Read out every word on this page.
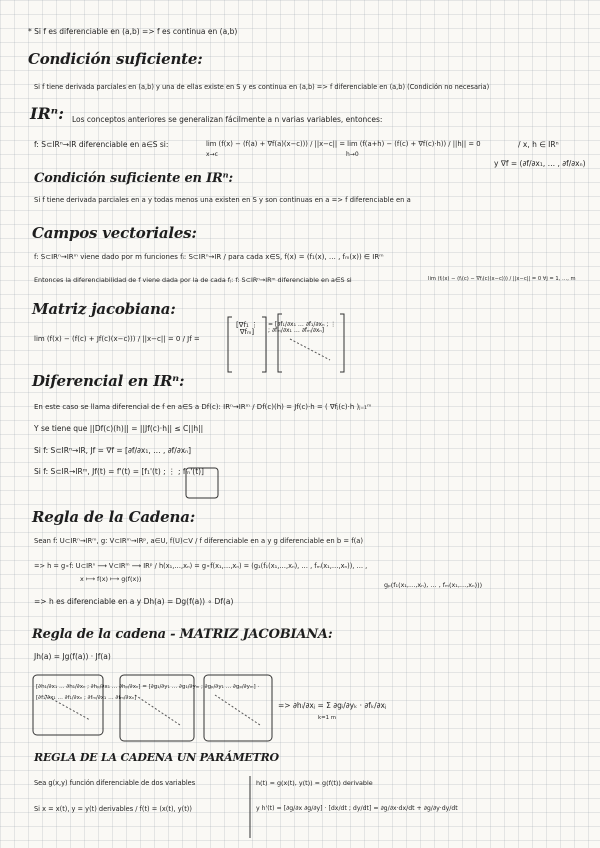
* Si f es diferenciable en (a,b) => f es continua en (a,b)
Condición suficiente:
Si f tiene derivada parciales en (a,b) y una de ellas existe en S y es continua en (a,b) => f diferenciable en (a,b) (Condición no necesaria)
IRⁿ: Los conceptos anteriores se generalizan fácilmente a n varias variables, entonces:
f: S⊂IRⁿ→IR diferenciable en a∈S si:	lim (f(x) − (f(a) + ∇f(a)(x−c))) / ||x−c|| = lim (f(a+h) − (f(c) + ∇f(c)·h)) / ||h|| = 0
x→c	h→0
/ x, h ∈ IRⁿ
y ∇f = (∂f/∂x₁, … , ∂f/∂xₙ)
Condición suficiente en IRⁿ:
Si f tiene derivada parciales en a y todas menos una existen en S y son continuas en a => f diferenciable en a
Campos vectoriales:
f: S⊂IRⁿ→IRᵐ viene dado por m funciones fᵢ: S⊂IRⁿ→IR / para cada x∈S, f(x) = (f₁(x), … , fₘ(x)) ∈ IRᵐ
Entonces la diferenciabilidad de f viene dada por la de cada fⱼ: f: S⊂IRⁿ→IRᵐ diferenciable en a∈S si	lim (fⱼ(x) − (fⱼ(c) − ∇fⱼ(c)(x−c))) / ||x−c|| = 0 ∀j = 1, …, m
Matriz jacobiana:
lim (f(x) − (f(c) + Jf(c)(x−c))) / ||x−c|| = 0 / Jf =
[∇f₁ ⋮ ∇fₘ]
= [∂f₁/∂x₁ … ∂f₁/∂xₙ ; ⋮ ; ∂fₘ/∂x₁ … ∂fₘ/∂xₙ]
Diferencial en IRⁿ:
En este caso se llama diferencial de f en a∈S a Df(c): IRⁿ→IRᵐ / Df(c)(h) = Jf(c)·h = ( ∇fⱼ(c)·h )ⱼ₌₁ᵐ
Y se tiene que ||Df(c)(h)|| = ||Jf(c)·h|| ≤ C||h||
Si f: S⊂IRⁿ→IR, Jf = ∇f = [∂f/∂x₁, … , ∂f/∂xₙ]
Si f: S⊂IR→IRᵐ, Jf(t) = f'(t) = [f₁'(t) ; ⋮ ; fₘ'(t)]
Regla de la Cadena:
Sean f: U⊂IRⁿ→IRᵐ, g: V⊂IRᵐ→IRᵖ, a∈U, f(U)⊂V / f diferenciable en a y g diferenciable en b = f(a)
=> h = g∘f: U⊂IRⁿ ⟶ V⊂IRᵐ ⟶ IRᵖ / h(x₁,…,xₙ) = g∘f(x₁,…,xₙ) = (g₁(f₁(x₁,…,xₙ), … , fₘ(x₁,…,xₙ)), … ,
x ⟼ f(x) ⟼ g(f(x))
gₚ(f₁(x₁,…,xₙ), … , fₘ(x₁,…,xₙ)))
=> h es diferenciable en a y Dh(a) = Dg(f(a)) ∘ Df(a)
Regla de la cadena - MATRIZ JACOBIANA:
Jh(a) = Jg(f(a)) · Jf(a)
[∂h₁/∂x₁ … ∂h₁/∂xₙ ; ∂hₚ/∂x₁ … ∂hₚ/∂xₙ] = [∂g₁/∂y₁ … ∂g₁/∂yₘ ; ∂gₚ/∂y₁ … ∂gₚ/∂yₘ] · [∂f₁/∂x₁ … ∂f₁/∂xₙ ; ∂fₘ/∂x₁ … ∂fₘ/∂xₙ]
=> ∂hᵢ/∂xⱼ = Σ ∂gᵢ/∂yₖ · ∂fₖ/∂xⱼ
k=1 m
REGLA DE LA CADENA UN PARÁMETRO
Sea g(x,y) función diferenciable de dos variables
Si x = x(t), y = y(t) derivables / f(t) = (x(t), y(t))
h(t) = g(x(t), y(t)) = g(f(t)) derivable
y h'(t) = [∂g/∂x ∂g/∂y] · [dx/dt ; dy/dt] = ∂g/∂x·dx/dt + ∂g/∂y·dy/dt
